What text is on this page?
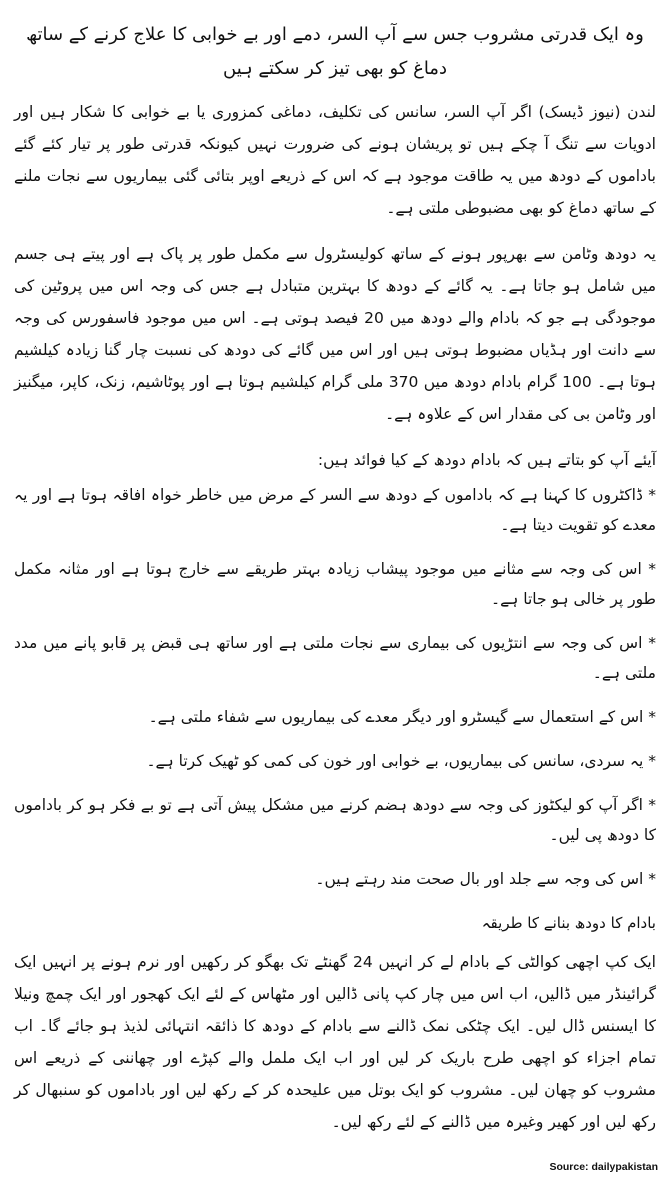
وہ ایک قدرتی مشروب جس سے آپ السر، دمے اور بے خوابی کا علاج کرنے کے ساتھ دماغ کو بھی تیز کر سکتے ہیں

لندن (نیوز ڈیسک) اگر آپ السر، سانس کی تکلیف، دماغی کمزوری یا بے خوابی کا شکار ہیں اور ادویات سے تنگ آ چکے ہیں تو پریشان ہونے کی ضرورت نہیں کیونکہ قدرتی طور پر تیار کئے گئے باداموں کے دودھ میں یہ طاقت موجود ہے کہ اس کے ذریعے اوپر بتائی گئی بیماریوں سے نجات ملنے کے ساتھ دماغ کو بھی مضبوطی ملتی ہے۔

یہ دودھ وٹامن سے بھرپور ہونے کے ساتھ کولیسٹرول سے مکمل طور پر پاک ہے اور پیتے ہی جسم میں شامل ہو جاتا ہے۔ یہ گائے کے دودھ کا بہترین متبادل ہے جس کی وجہ اس میں پروٹین کی موجودگی ہے جو کہ بادام والے دودھ میں 20 فیصد ہوتی ہے۔ اس میں موجود فاسفورس کی وجہ سے دانت اور ہڈیاں مضبوط ہوتی ہیں اور اس میں گائے کی دودھ کی نسبت چار گنا زیادہ کیلشیم ہوتا ہے۔ 100 گرام بادام دودھ میں 370 ملی گرام کیلشیم ہوتا ہے اور پوٹاشیم، زنک، کاپر، میگنیز اور وٹامن بی کی مقدار اس کے علاوہ ہے۔

آیئے آپ کو بتاتے ہیں کہ بادام دودھ کے کیا فوائد ہیں:

* ڈاکٹروں کا کہنا ہے کہ باداموں کے دودھ سے السر کے مرض میں خاطر خواہ افاقہ ہوتا ہے اور یہ معدے کو تقویت دیتا ہے۔

* اس کی وجہ سے مثانے میں موجود پیشاب زیادہ بہتر طریقے سے خارج ہوتا ہے اور مثانہ مکمل طور پر خالی ہو جاتا ہے۔

* اس کی وجہ سے انتڑیوں کی بیماری سے نجات ملتی ہے اور ساتھ ہی قبض پر قابو پانے میں مدد ملتی ہے۔

* اس کے استعمال سے گیسٹرو اور دیگر معدے کی بیماریوں سے شفاء ملتی ہے۔

* یہ سردی، سانس کی بیماریوں، بے خوابی اور خون کی کمی کو ٹھیک کرتا ہے۔

* اگر آپ کو لیکٹوز کی وجہ سے دودھ ہضم کرنے میں مشکل پیش آتی ہے تو بے فکر ہو کر باداموں کا دودھ پی لیں۔

* اس کی وجہ سے جلد اور بال صحت مند رہتے ہیں۔

بادام کا دودھ بنانے کا طریقہ

ایک کپ اچھی کوالٹی کے بادام لے کر انہیں 24 گھنٹے تک بھگو کر رکھیں اور نرم ہونے پر انہیں ایک گرائینڈر میں ڈالیں، اب اس میں چار کپ پانی ڈالیں اور مٹھاس کے لئے ایک کھجور اور ایک چمچ ونیلا کا ایسنس ڈال لیں۔ ایک چٹکی نمک ڈالنے سے بادام کے دودھ کا ذائقہ انتہائی لذیذ ہو جائے گا۔ اب تمام اجزاء کو اچھی طرح باریک کر لیں اور اب ایک ململ والے کپڑے اور چھاننی کے ذریعے اس مشروب کو چھان لیں۔ مشروب کو ایک بوتل میں علیحدہ کر کے رکھ لیں اور باداموں کو سنبھال کر رکھ لیں اور کھیر وغیرہ میں ڈالنے کے لئے رکھ لیں۔

Source: dailypakistan
